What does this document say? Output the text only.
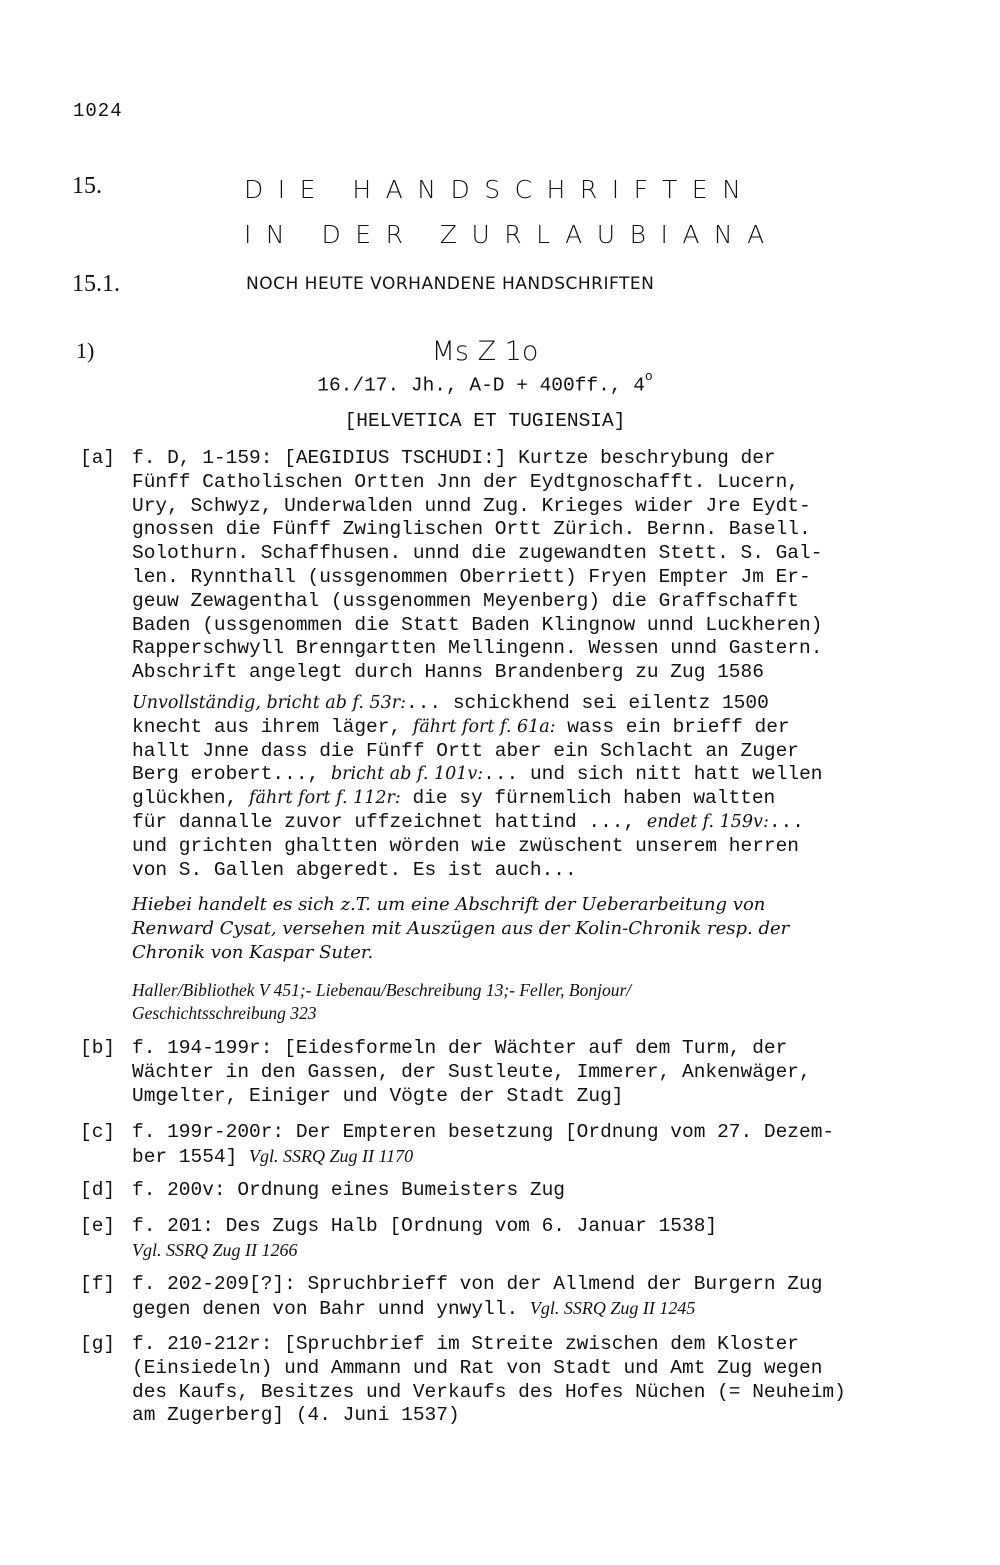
1024
15.	DIE HANDSCHRIFTEN
IN DER ZURLAUBIANA
15.1.	NOCH HEUTE VORHANDENE HANDSCHRIFTEN
1)	Ms Z 1o
16./17. Jh., A-D + 400ff., 4$^o$
[HELVETICA ET TUGIENSIA]
[a] f. D, 1-159: [AEGIDIUS TSCHUDI:] Kurtze beschrybung der
Fünff Catholischen Ortten Jnn der Eydtgnoschafft. Lucern,
Ury, Schwyz, Underwalden unnd Zug. Krieges wider Jre Eydt-
gnossen die Fünff Zwinglischen Ortt Zürich. Bernn. Basell.
Solothurn. Schaffhusen. unnd die zugewandten Stett. S. Gal-
len. Rynnthall (ussgenommen Oberriett) Fryen Empter Jm Er-
geuw Zewagenthal (ussgenommen Meyenberg) die Graffschafft
Baden (ussgenommen die Statt Baden Klingnow unnd Luckheren)
Rapperschwyll Brenngartten Mellingenn. Wessen unnd Gastern.
Abschrift angelegt durch Hanns Brandenberg zu Zug 1586
Unvollständig, bricht ab f. 53r:... schickhend sei eilentz 1500
knecht aus ihrem läger, fährt fort f. 61a: wass ein brieff der
hallt Jnne dass die Fünff Ortt aber ein Schlacht an Zuger
Berg erobert..., bricht ab f. 101v:... und sich nitt hatt wellen
glückhen, fährt fort f. 112r: die sy fürnemlich haben waltten
für dannalle zuvor uffzeichnet hattind ..., endet f. 159v:...
und grichten ghaltten wörden wie zwüschent unserem herren
von S. Gallen abgeredt. Es ist auch...
Hiebei handelt es sich z.T. um eine Abschrift der Ueberarbeitung von
Renward Cysat, versehen mit Auszügen aus der Kolin-Chronik resp. der
Chronik von Kaspar Suter.
Haller/Bibliothek V 451;- Liebenau/Beschreibung 13;- Feller, Bonjour/
Geschichtsschreibung 323
[b] f. 194-199r: [Eidesformeln der Wächter auf dem Turm, der
Wächter in den Gassen, der Sustleute, Immerer, Ankenwäger,
Umgelter, Einiger und Vögte der Stadt Zug]
[c] f. 199r-200r: Der Empteren besetzung [Ordnung vom 27. Dezem-
ber 1554] Vgl. SSRQ Zug II 1170
[d] f. 200v: Ordnung eines Bumeisters Zug
[e] f. 201: Des Zugs Halb [Ordnung vom 6. Januar 1538]
Vgl. SSRQ Zug II 1266
[f] f. 202-209[?]: Spruchbrieff von der Allmend der Burgern Zug
gegen denen von Bahr unnd ynwyll. Vgl. SSRQ Zug II 1245
[g] f. 210-212r: [Spruchbrief im Streite zwischen dem Kloster
(Einsiedeln) und Ammann und Rat von Stadt und Amt Zug wegen
des Kaufs, Besitzes und Verkaufs des Hofes Nüchen (= Neuheim)
am Zugerberg] (4. Juni 1537)
